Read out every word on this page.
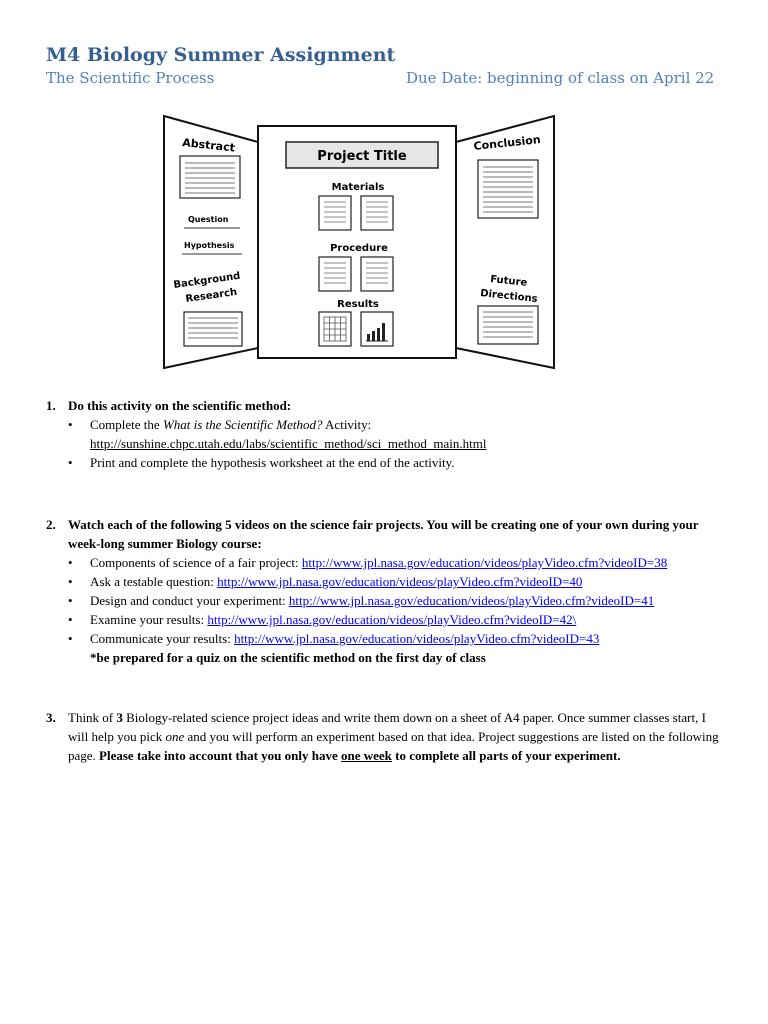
M4 Biology Summer Assignment
The Scientific Process	Due Date: beginning of class on April 22
Abstract
Question
Hypothesis
Background
Research
Project Title
Materials
Procedure
Results
Conclusion
Future
Directions
1. Do this activity on the scientific method:
• Complete the What is the Scientific Method? Activity:
http://sunshine.chpc.utah.edu/labs/scientific_method/sci_method_main.html
• Print and complete the hypothesis worksheet at the end of the activity.
2. Watch each of the following 5 videos on the science fair projects. You will be creating one of your own during your week-long summer Biology course:
• Components of science of a fair project: http://www.jpl.nasa.gov/education/videos/playVideo.cfm?videoID=38
• Ask a testable question: http://www.jpl.nasa.gov/education/videos/playVideo.cfm?videoID=40
• Design and conduct your experiment: http://www.jpl.nasa.gov/education/videos/playVideo.cfm?videoID=41
• Examine your results: http://www.jpl.nasa.gov/education/videos/playVideo.cfm?videoID=42\
• Communicate your results: http://www.jpl.nasa.gov/education/videos/playVideo.cfm?videoID=43
*be prepared for a quiz on the scientific method on the first day of class
3. Think of 3 Biology-related science project ideas and write them down on a sheet of A4 paper. Once summer classes start, I will help you pick one and you will perform an experiment based on that idea. Project suggestions are listed on the following page. Please take into account that you only have one week to complete all parts of your experiment.
